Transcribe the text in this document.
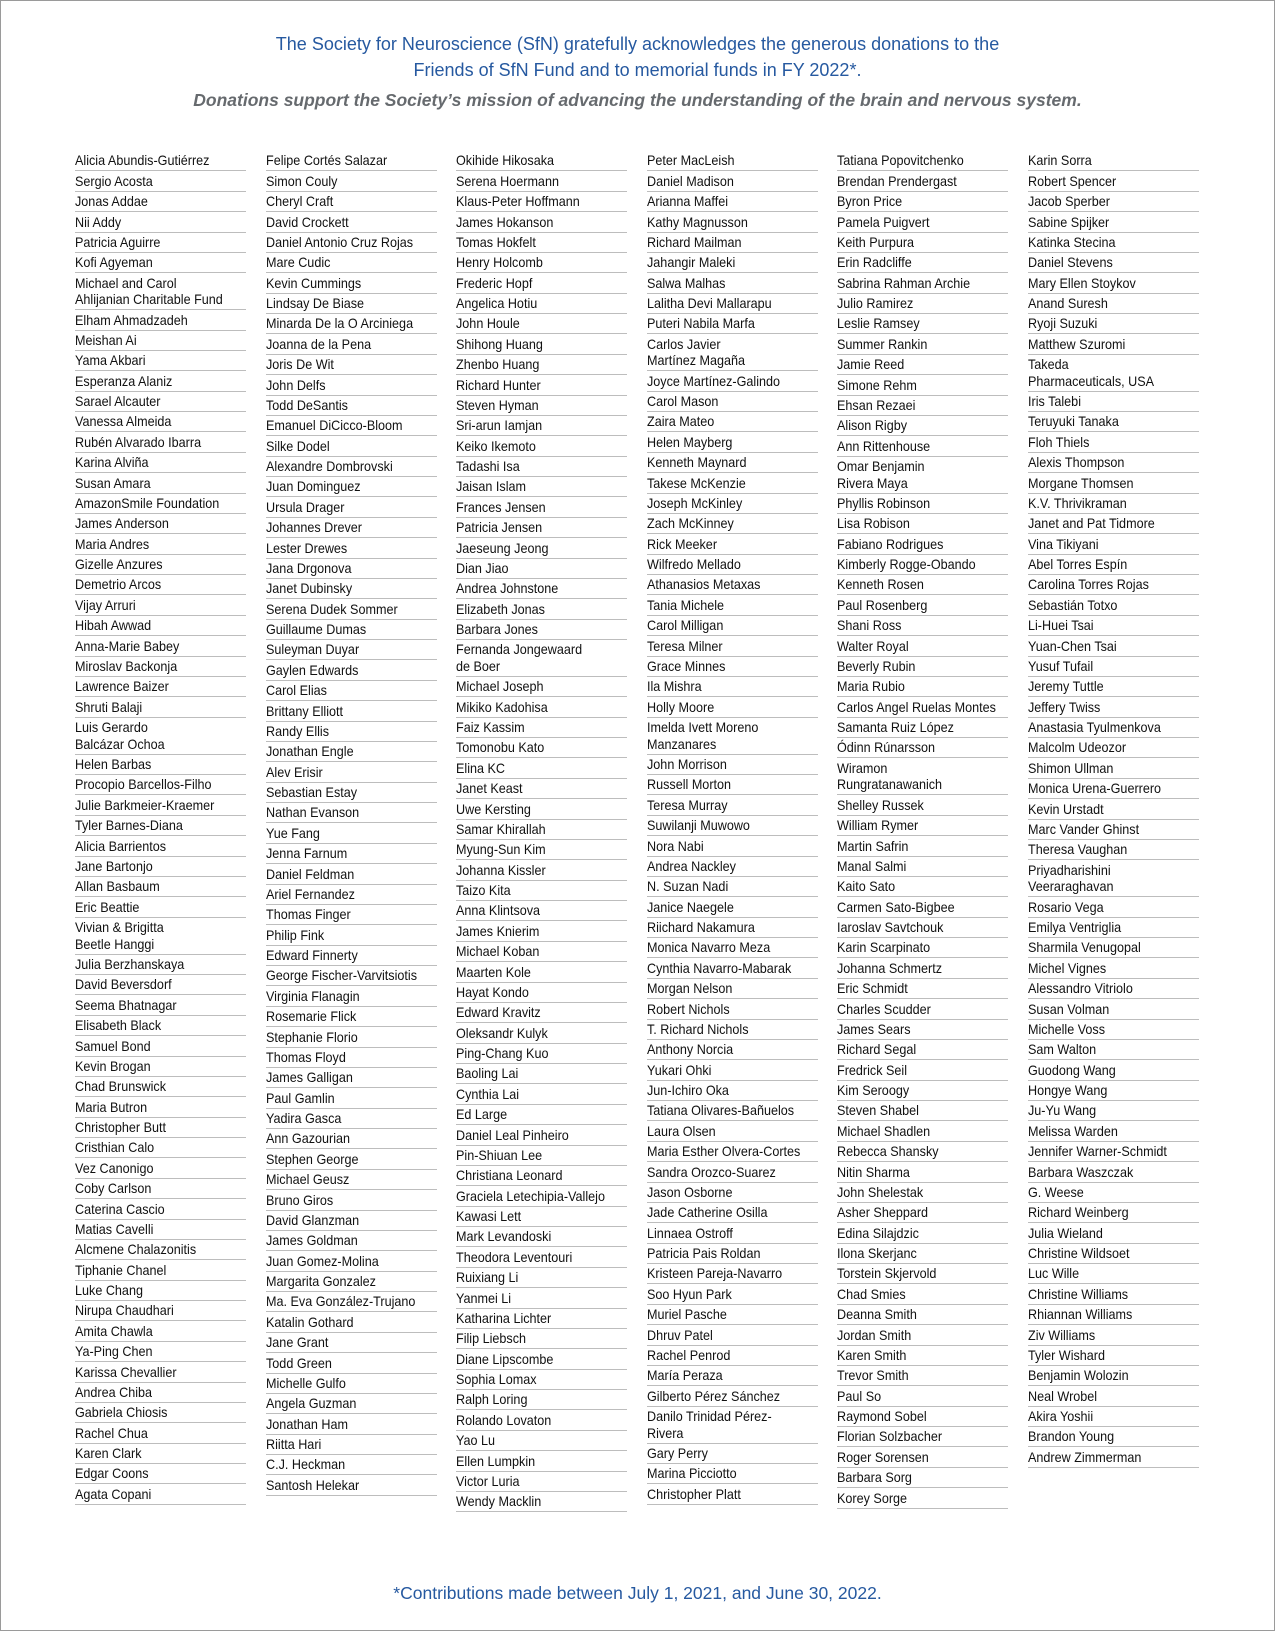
The Society for Neuroscience (SfN) gratefully acknowledges the generous donations to the

Friends of SfN Fund and to memorial funds in FY 2022*.

Donations support the Society’s mission of advancing the understanding of the brain and nervous system.

Alicia Abundis-Gutiérrez

Sergio Acosta

Jonas Addae

Nii Addy

Patricia Aguirre

Kofi Agyeman

Michael and Carol
Ahlijanian Charitable Fund

Elham Ahmadzadeh

Meishan Ai

Yama Akbari

Esperanza Alaniz

Sarael Alcauter

Vanessa Almeida

Rubén Alvarado Ibarra

Karina Alviña

Susan Amara

AmazonSmile Foundation

James Anderson

Maria Andres

Gizelle Anzures

Demetrio Arcos

Vijay Arruri

Hibah Awwad

Anna-Marie Babey

Miroslav Backonja

Lawrence Baizer

Shruti Balaji

Luis Gerardo
Balcázar Ochoa

Helen Barbas

Procopio Barcellos-Filho

Julie Barkmeier-Kraemer

Tyler Barnes-Diana

Alicia Barrientos

Jane Bartonjo

Allan Basbaum

Eric Beattie

Vivian & Brigitta
Beetle Hanggi

Julia Berzhanskaya

David Beversdorf

Seema Bhatnagar

Elisabeth Black

Samuel Bond

Kevin Brogan

Chad Brunswick

Maria Butron

Christopher Butt

Cristhian Calo

Vez Canonigo

Coby Carlson

Caterina Cascio

Matias Cavelli

Alcmene Chalazonitis

Tiphanie Chanel

Luke Chang

Nirupa Chaudhari

Amita Chawla

Ya-Ping Chen

Karissa Chevallier

Andrea Chiba

Gabriela Chiosis

Rachel Chua

Karen Clark

Edgar Coons

Agata Copani

Felipe Cortés Salazar

Simon Couly

Cheryl Craft

David Crockett

Daniel Antonio Cruz Rojas

Mare Cudic

Kevin Cummings

Lindsay De Biase

Minarda De la O Arciniega

Joanna de la Pena

Joris De Wit

John Delfs

Todd DeSantis

Emanuel DiCicco-Bloom

Silke Dodel

Alexandre Dombrovski

Juan Dominguez

Ursula Drager

Johannes Drever

Lester Drewes

Jana Drgonova

Janet Dubinsky

Serena Dudek Sommer

Guillaume Dumas

Suleyman Duyar

Gaylen Edwards

Carol Elias

Brittany Elliott

Randy Ellis

Jonathan Engle

Alev Erisir

Sebastian Estay

Nathan Evanson

Yue Fang

Jenna Farnum

Daniel Feldman

Ariel Fernandez

Thomas Finger

Philip Fink

Edward Finnerty

George Fischer-Varvitsiotis

Virginia Flanagin

Rosemarie Flick

Stephanie Florio

Thomas Floyd

James Galligan

Paul Gamlin

Yadira Gasca

Ann Gazourian

Stephen George

Michael Geusz

Bruno Giros

David Glanzman

James Goldman

Juan Gomez-Molina

Margarita Gonzalez

Ma. Eva González-Trujano

Katalin Gothard

Jane Grant

Todd Green

Michelle Gulfo

Angela Guzman

Jonathan Ham

Riitta Hari

C.J. Heckman

Santosh Helekar

Okihide Hikosaka

Serena Hoermann

Klaus-Peter Hoffmann

James Hokanson

Tomas Hokfelt

Henry Holcomb

Frederic Hopf

Angelica Hotiu

John Houle

Shihong Huang

Zhenbo Huang

Richard Hunter

Steven Hyman

Sri-arun Iamjan

Keiko Ikemoto

Tadashi Isa

Jaisan Islam

Frances Jensen

Patricia Jensen

Jaeseung Jeong

Dian Jiao

Andrea Johnstone

Elizabeth Jonas

Barbara Jones

Fernanda Jongewaard
de Boer

Michael Joseph

Mikiko Kadohisa

Faiz Kassim

Tomonobu Kato

Elina KC

Janet Keast

Uwe Kersting

Samar Khirallah

Myung-Sun Kim

Johanna Kissler

Taizo Kita

Anna Klintsova

James Knierim

Michael Koban

Maarten Kole

Hayat Kondo

Edward Kravitz

Oleksandr Kulyk

Ping-Chang Kuo

Baoling Lai

Cynthia Lai

Ed Large

Daniel Leal Pinheiro

Pin-Shiuan Lee

Christiana Leonard

Graciela Letechipia-Vallejo

Kawasi Lett

Mark Levandoski

Theodora Leventouri

Ruixiang Li

Yanmei Li

Katharina Lichter

Filip Liebsch

Diane Lipscombe

Sophia Lomax

Ralph Loring

Rolando Lovaton

Yao Lu

Ellen Lumpkin

Victor Luria

Wendy Macklin

Peter MacLeish

Daniel Madison

Arianna Maffei

Kathy Magnusson

Richard Mailman

Jahangir Maleki

Salwa Malhas

Lalitha Devi Mallarapu

Puteri Nabila Marfa

Carlos Javier
Martínez Magaña

Joyce Martínez-Galindo

Carol Mason

Zaira Mateo

Helen Mayberg

Kenneth Maynard

Takese McKenzie

Joseph McKinley

Zach McKinney

Rick Meeker

Wilfredo Mellado

Athanasios Metaxas

Tania Michele

Carol Milligan

Teresa Milner

Grace Minnes

Ila Mishra

Holly Moore

Imelda Ivett Moreno
Manzanares

John Morrison

Russell Morton

Teresa Murray

Suwilanji Muwowo

Nora Nabi

Andrea Nackley

N. Suzan Nadi

Janice Naegele

Riichard Nakamura

Monica Navarro Meza

Cynthia Navarro-Mabarak

Morgan Nelson

Robert Nichols

T. Richard Nichols

Anthony Norcia

Yukari Ohki

Jun-Ichiro Oka

Tatiana Olivares-Bañuelos

Laura Olsen

Maria Esther Olvera-Cortes

Sandra Orozco-Suarez

Jason Osborne

Jade Catherine Osilla

Linnaea Ostroff

Patricia Pais Roldan

Kristeen Pareja-Navarro

Soo Hyun Park

Muriel Pasche

Dhruv Patel

Rachel Penrod

María Peraza

Gilberto Pérez Sánchez

Danilo Trinidad Pérez-
Rivera

Gary Perry

Marina Picciotto

Christopher Platt

Tatiana Popovitchenko

Brendan Prendergast

Byron Price

Pamela Puigvert

Keith Purpura

Erin Radcliffe

Sabrina Rahman Archie

Julio Ramirez

Leslie Ramsey

Summer Rankin

Jamie Reed

Simone Rehm

Ehsan Rezaei

Alison Rigby

Ann Rittenhouse

Omar Benjamin
Rivera Maya

Phyllis Robinson

Lisa Robison

Fabiano Rodrigues

Kimberly Rogge-Obando

Kenneth Rosen

Paul Rosenberg

Shani Ross

Walter Royal

Beverly Rubin

Maria Rubio

Carlos Angel Ruelas Montes

Samanta Ruiz López

Ódinn Rúnarsson

Wiramon
Rungratanawanich

Shelley Russek

William Rymer

Martin Safrin

Manal Salmi

Kaito Sato

Carmen Sato-Bigbee

Iaroslav Savtchouk

Karin Scarpinato

Johanna Schmertz

Eric Schmidt

Charles Scudder

James Sears

Richard Segal

Fredrick Seil

Kim Seroogy

Steven Shabel

Michael Shadlen

Rebecca Shansky

Nitin Sharma

John Shelestak

Asher Sheppard

Edina Silajdzic

Ilona Skerjanc

Torstein Skjervold

Chad Smies

Deanna Smith

Jordan Smith

Karen Smith

Trevor Smith

Paul So

Raymond Sobel

Florian Solzbacher

Roger Sorensen

Barbara Sorg

Korey Sorge

Karin Sorra

Robert Spencer

Jacob Sperber

Sabine Spijker

Katinka Stecina

Daniel Stevens

Mary Ellen Stoykov

Anand Suresh

Ryoji Suzuki

Matthew Szuromi

Takeda
Pharmaceuticals, USA

Iris Talebi

Teruyuki Tanaka

Floh Thiels

Alexis Thompson

Morgane Thomsen

K.V. Thrivikraman

Janet and Pat Tidmore

Vina Tikiyani

Abel Torres Espín

Carolina Torres Rojas

Sebastián Totxo

Li-Huei Tsai

Yuan-Chen Tsai

Yusuf Tufail

Jeremy Tuttle

Jeffery Twiss

Anastasia Tyulmenkova

Malcolm Udeozor

Shimon Ullman

Monica Urena-Guerrero

Kevin Urstadt

Marc Vander Ghinst

Theresa Vaughan

Priyadharishini
Veeraraghavan

Rosario Vega

Emilya Ventriglia

Sharmila Venugopal

Michel Vignes

Alessandro Vitriolo

Susan Volman

Michelle Voss

Sam Walton

Guodong Wang

Hongye Wang

Ju-Yu Wang

Melissa Warden

Jennifer Warner-Schmidt

Barbara Waszczak

G. Weese

Richard Weinberg

Julia Wieland

Christine Wildsoet

Luc Wille

Christine Williams

Rhiannan Williams

Ziv Williams

Tyler Wishard

Benjamin Wolozin

Neal Wrobel

Akira Yoshii

Brandon Young

Andrew Zimmerman

*Contributions made between July 1, 2021, and June 30, 2022.
